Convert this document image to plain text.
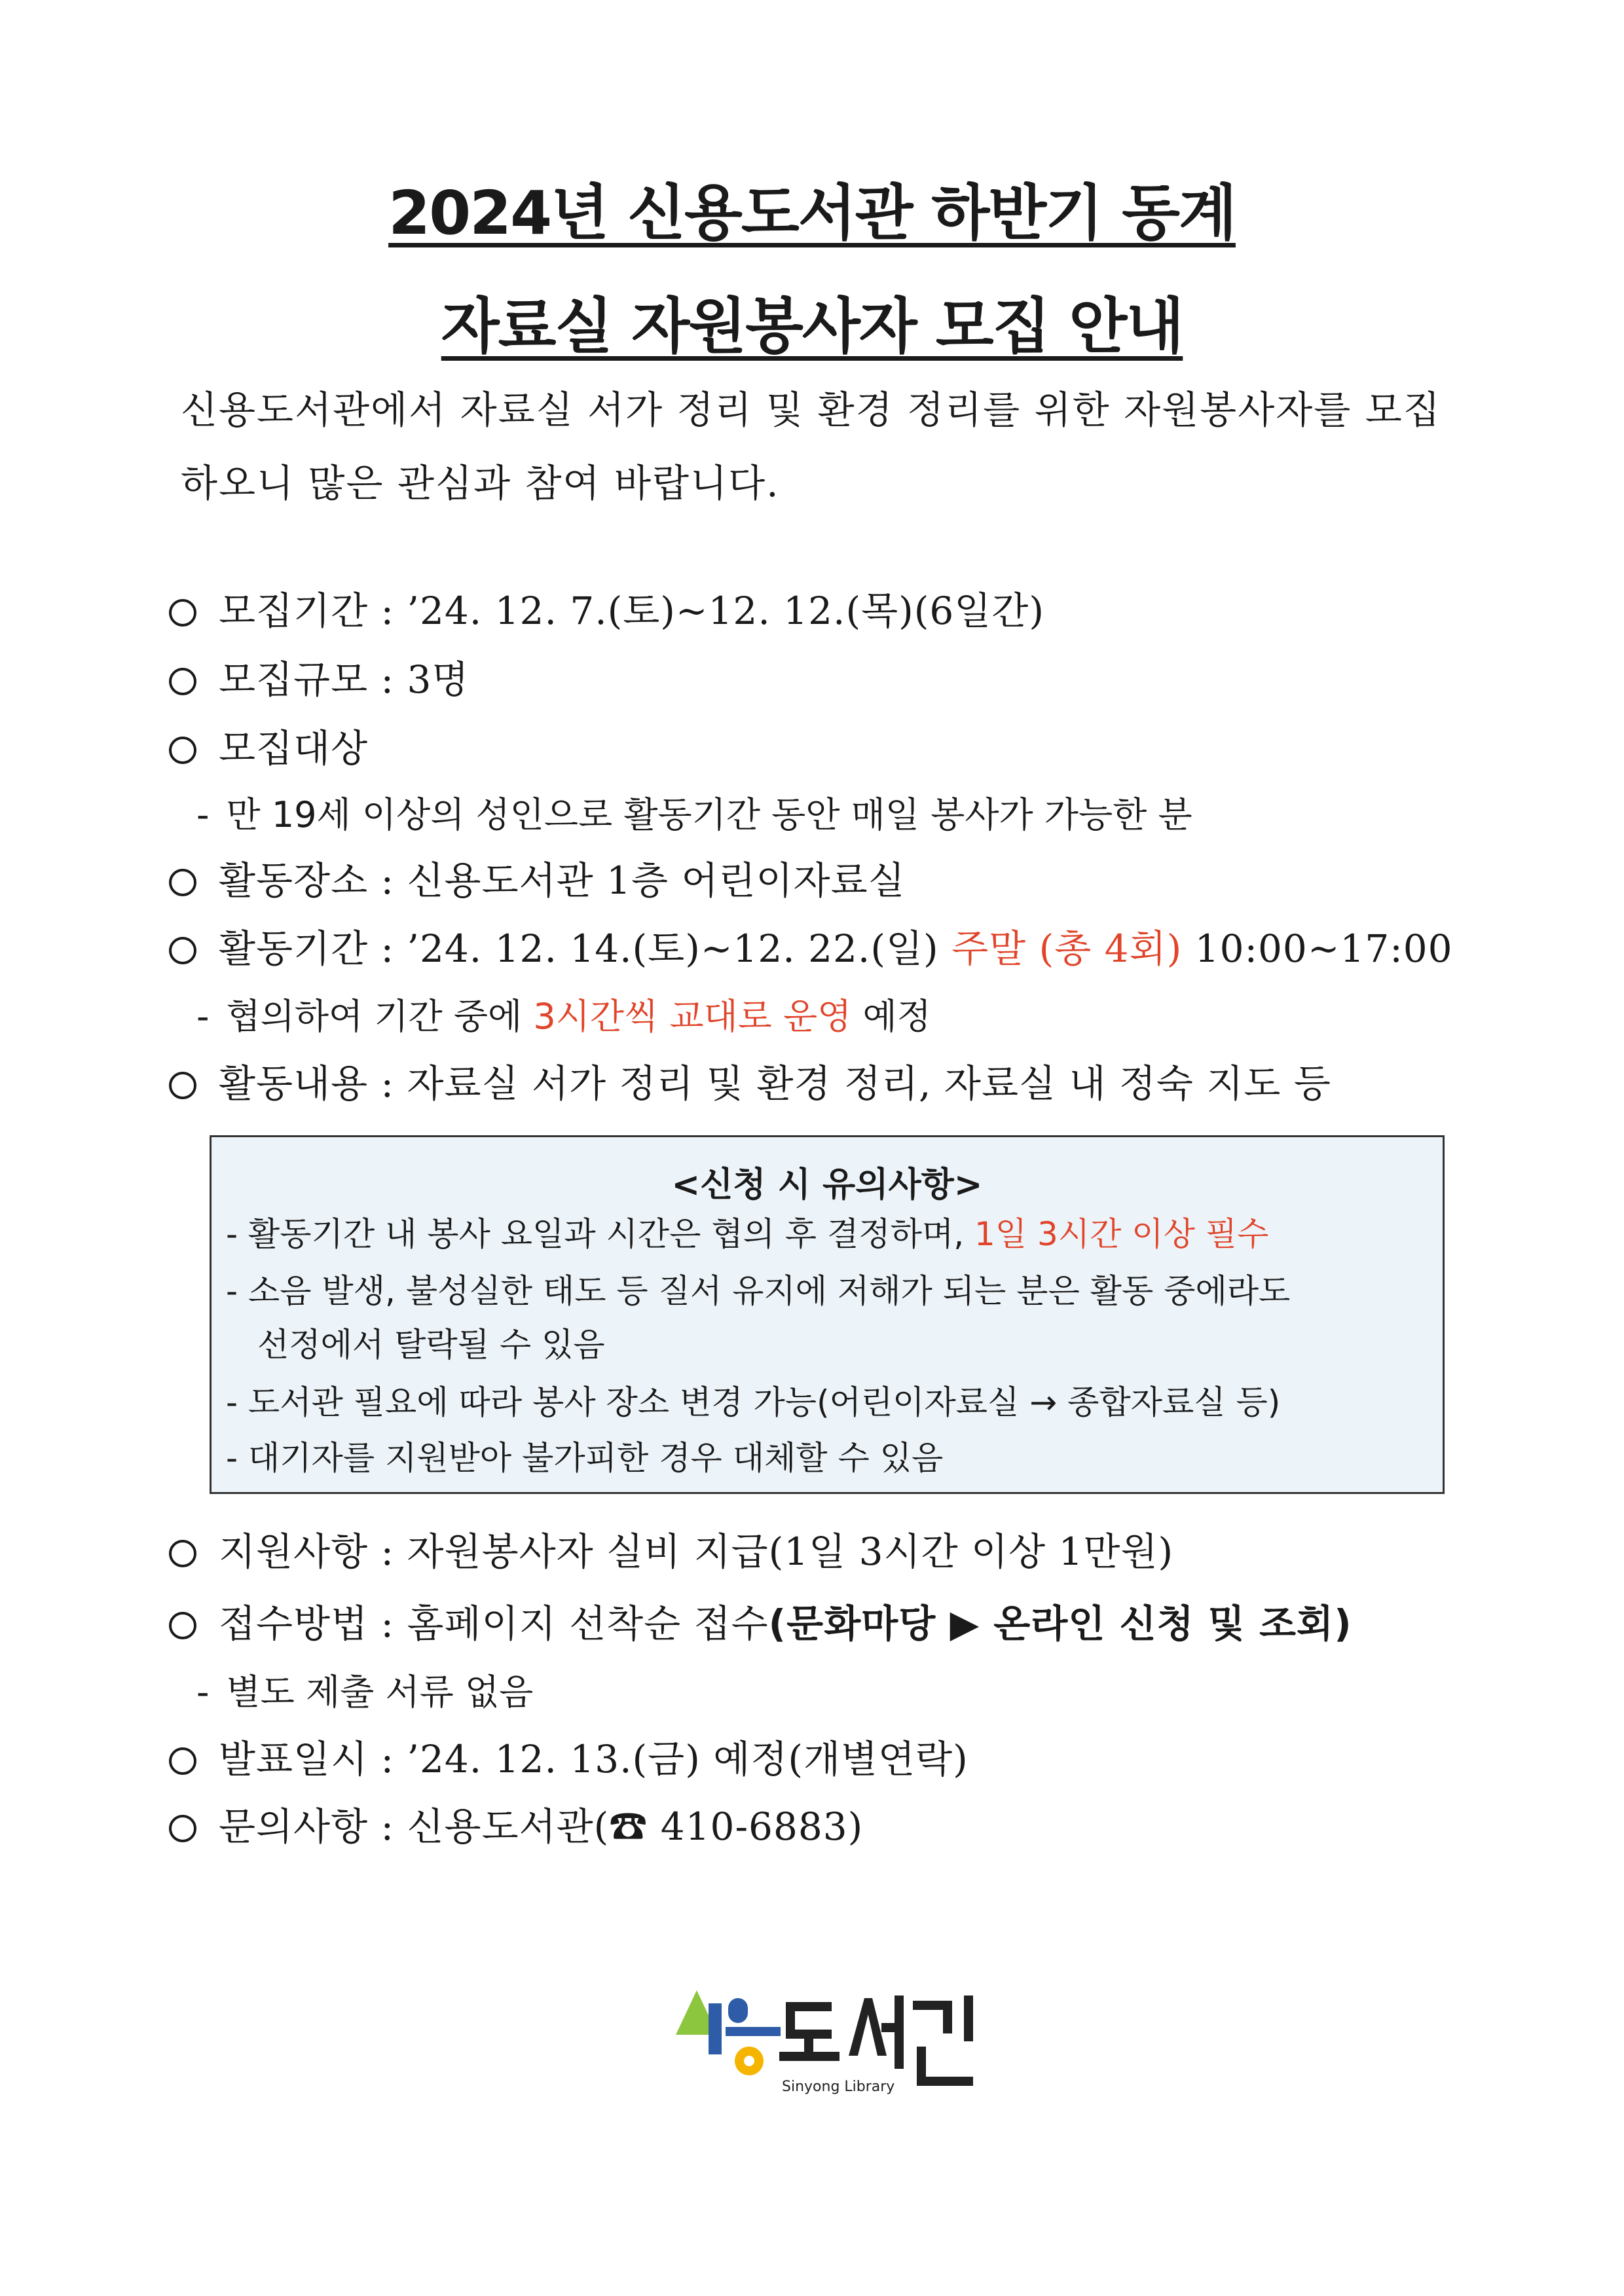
2024년 신용도서관 하반기 동계
자료실 자원봉사자 모집 안내
신용도서관에서 자료실 서가 정리 및 환경 정리를 위한 자원봉사자를 모집하오니 많은 관심과 참여 바랍니다.
모집기간 : ’24. 12. 7.(토)~12. 12.(목)(6일간)
모집규모 : 3명
모집대상
- 만 19세 이상의 성인으로 활동기간 동안 매일 봉사가 가능한 분
활동장소 : 신용도서관 1층 어린이자료실
활동기간 : ’24. 12. 14.(토)~12. 22.(일) 주말 (총 4회) 10:00~17:00
- 협의하여 기간 중에 3시간씩 교대로 운영 예정
활동내용 : 자료실 서가 정리 및 환경 정리, 자료실 내 정숙 지도 등
<신청 시 유의사항>
- 활동기간 내 봉사 요일과 시간은 협의 후 결정하며, 1일 3시간 이상 필수
- 소음 발생, 불성실한 태도 등 질서 유지에 저해가 되는 분은 활동 중에라도
선정에서 탈락될 수 있음
- 도서관 필요에 따라 봉사 장소 변경 가능(어린이자료실 → 종합자료실 등)
- 대기자를 지원받아 불가피한 경우 대체할 수 있음
지원사항 : 자원봉사자 실비 지급(1일 3시간 이상 1만원)
접수방법 : 홈페이지 선착순 접수(문화마당 ▶ 온라인 신청 및 조회)
- 별도 제출 서류 없음
발표일시 : ’24. 12. 13.(금) 예정(개별연락)
문의사항 : 신용도서관(☎ 410-6883)
Sinyong Library
